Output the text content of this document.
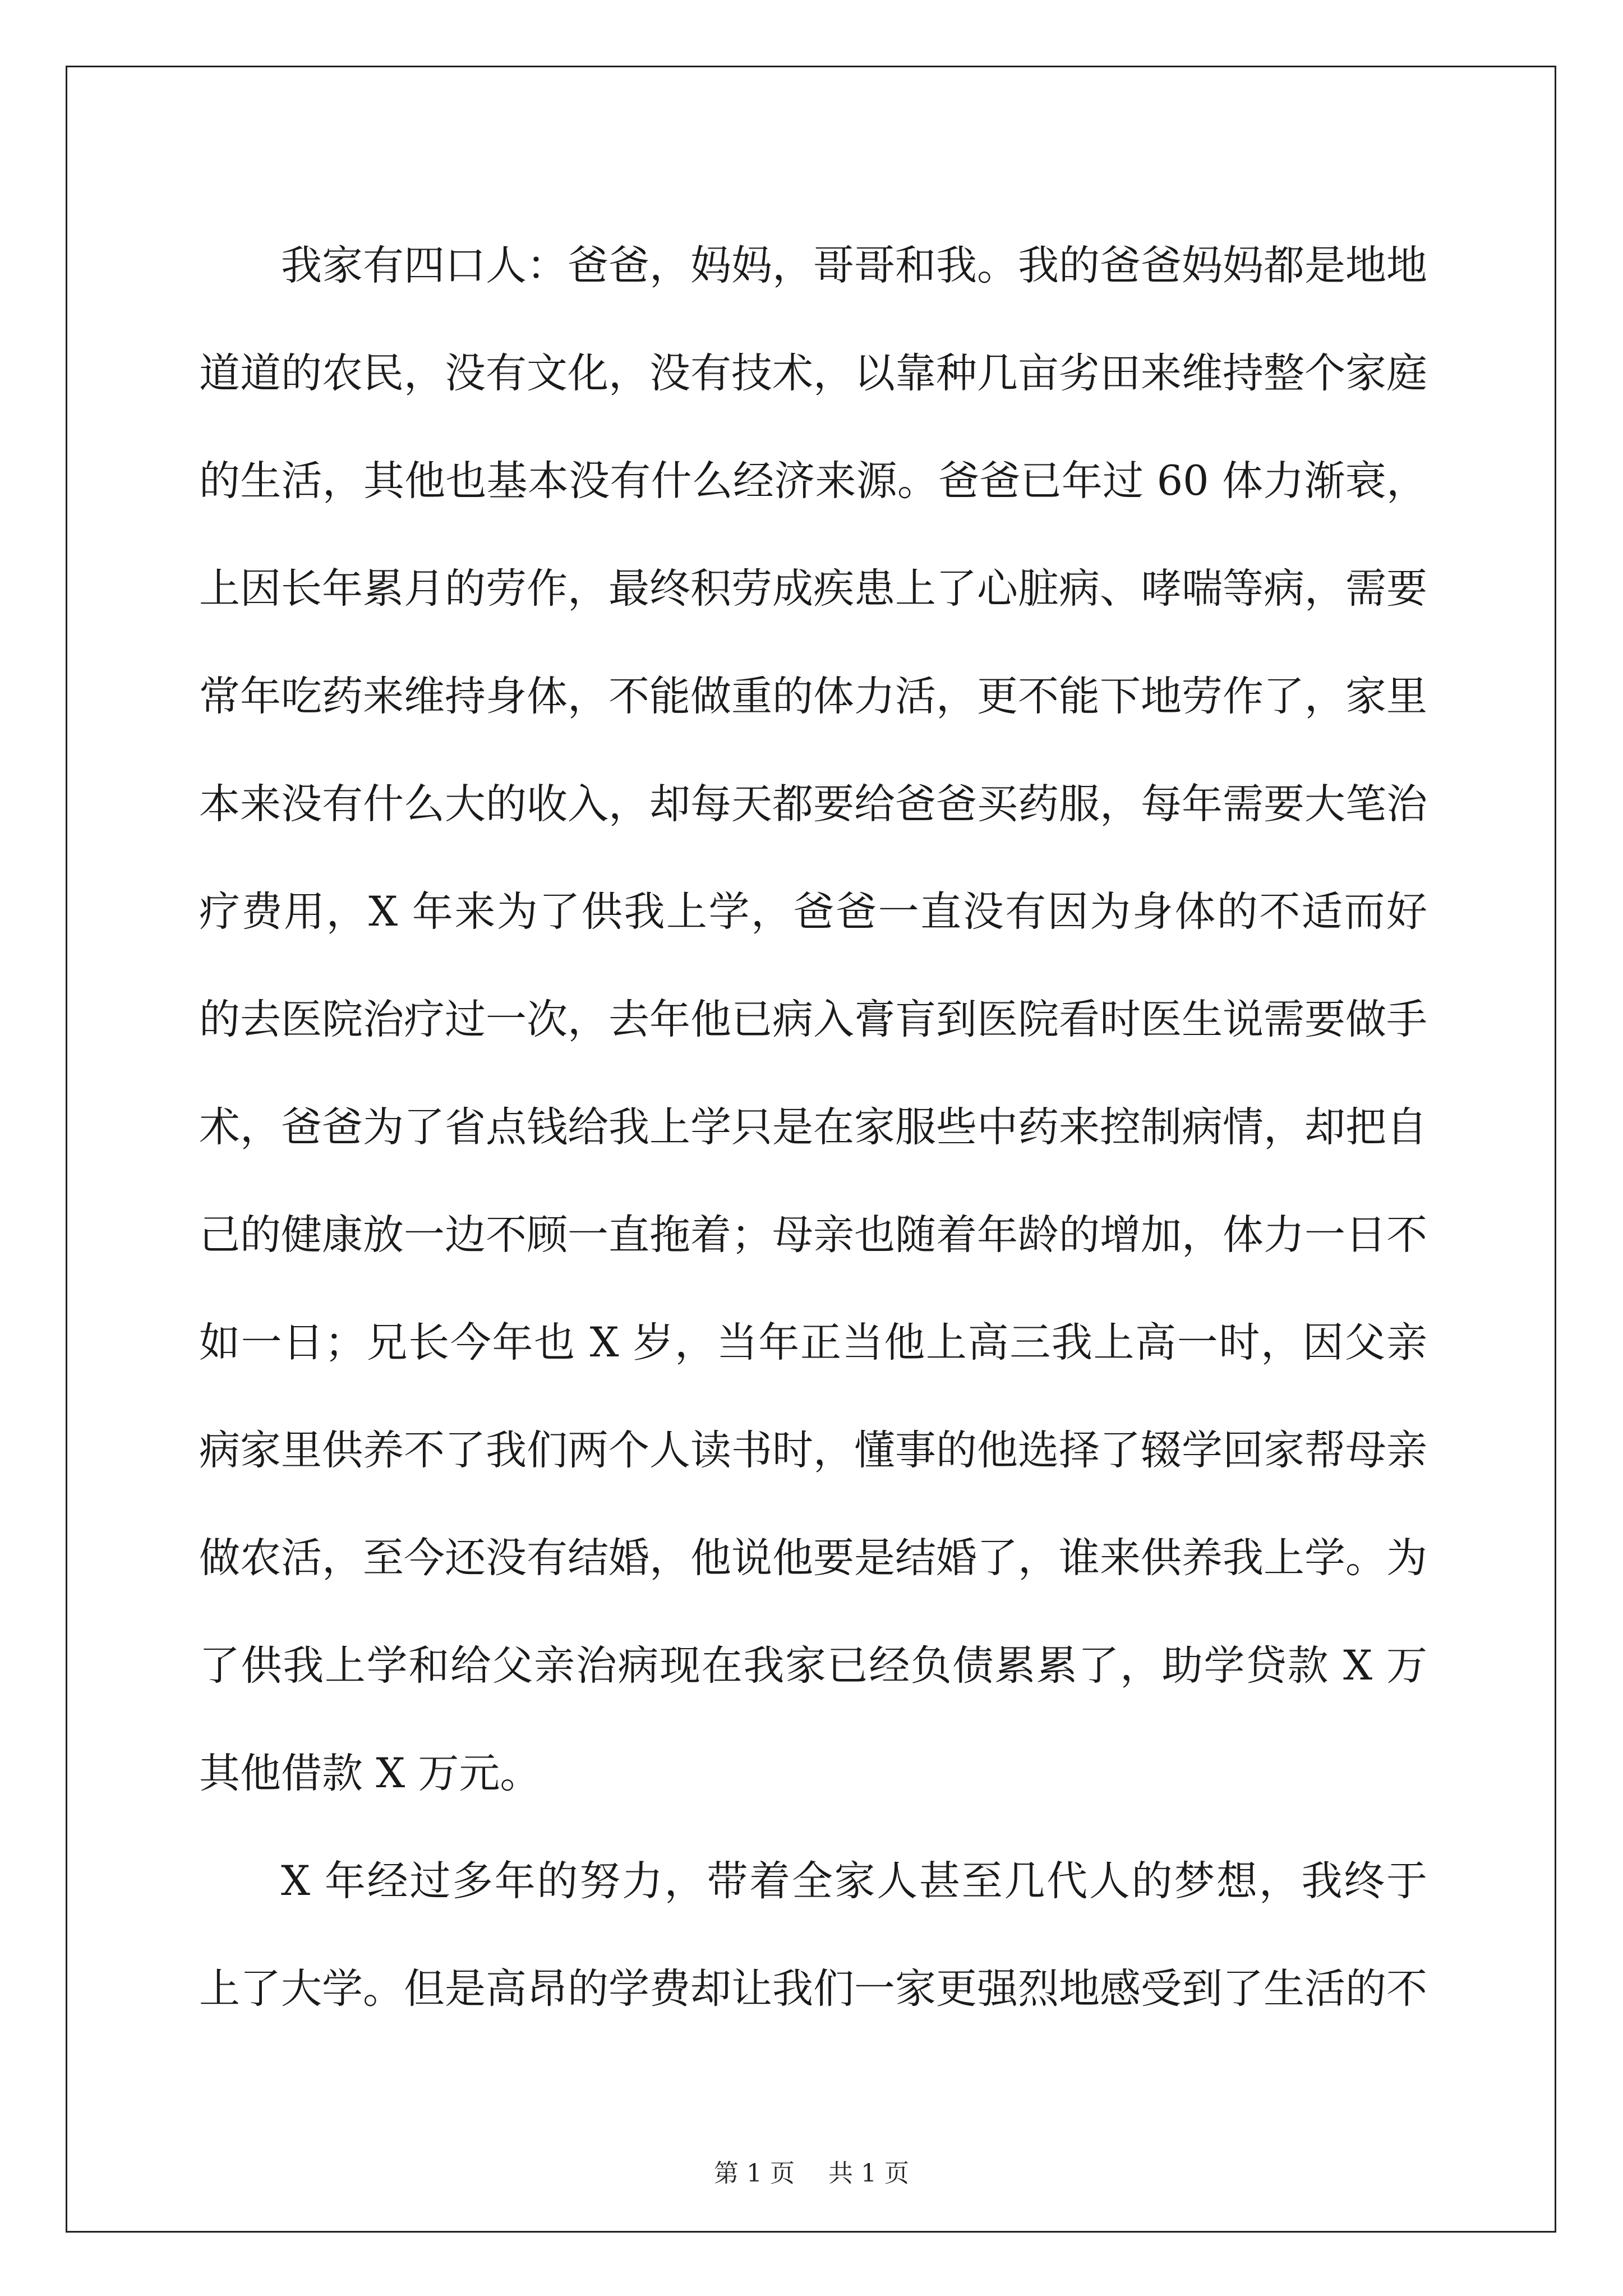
我家有四口人：爸爸，妈妈，哥哥和我。我的爸爸妈妈都是地地
道道的农民，没有文化，没有技术，以靠种几亩劣田来维持整个家庭
的生活，其他也基本没有什么经济来源。爸爸已年过 60 体力渐衰，
上因长年累月的劳作，最终积劳成疾患上了心脏病、哮喘等病，需要
常年吃药来维持身体，不能做重的体力活，更不能下地劳作了，家里
本来没有什么大的收入，却每天都要给爸爸买药服，每年需要大笔治
疗费用，X 年来为了供我上学，爸爸一直没有因为身体的不适而好
的去医院治疗过一次，去年他已病入膏肓到医院看时医生说需要做手
术，爸爸为了省点钱给我上学只是在家服些中药来控制病情，却把自
己的健康放一边不顾一直拖着；母亲也随着年龄的增加，体力一日不
如一日；兄长今年也 X 岁，当年正当他上高三我上高一时，因父亲
病家里供养不了我们两个人读书时，懂事的他选择了辍学回家帮母亲
做农活，至今还没有结婚，他说他要是结婚了，谁来供养我上学。为
了供我上学和给父亲治病现在我家已经负债累累了，助学贷款 X 万
其他借款 X 万元。
X 年经过多年的努力，带着全家人甚至几代人的梦想，我终于
上了大学。但是高昂的学费却让我们一家更强烈地感受到了生活的不
第 1 页 共 1 页
